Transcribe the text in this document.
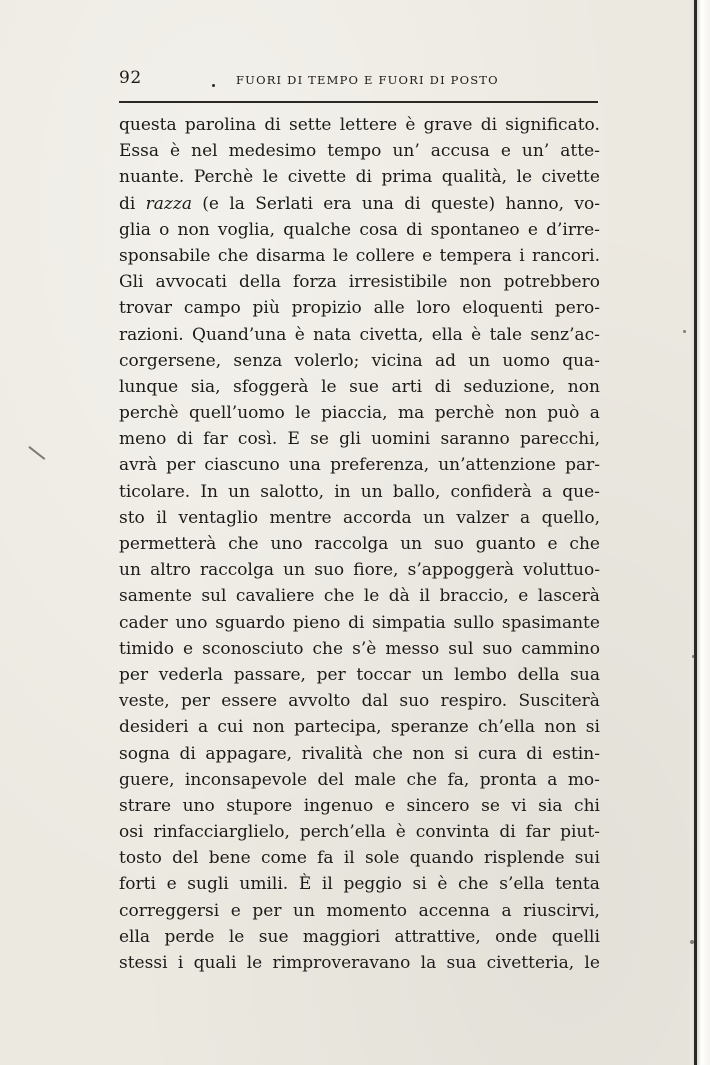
92	FUORI DI TEMPO E FUORI DI POSTO
questa parolina di sette lettere è grave di significato.
Essa è nel medesimo tempo un’ accusa e un’ atte-
nuante. Perchè le civette di prima qualità, le civette
di razza (e la Serlati era una di queste) hanno, vo-
glia o non voglia, qualche cosa di spontaneo e d’irre-
sponsabile che disarma le collere e tempera i rancori.
Gli avvocati della forza irresistibile non potrebbero
trovar campo più propizio alle loro eloquenti pero-
razioni. Quand’una è nata civetta, ella è tale senz’ac-
corgersene, senza volerlo; vicina ad un uomo qua-
lunque sia, sfoggerà le sue arti di seduzione, non
perchè quell’uomo le piaccia, ma perchè non può a
meno di far così. E se gli uomini saranno parecchi,
avrà per ciascuno una preferenza, un’attenzione par-
ticolare. In un salotto, in un ballo, confiderà a que-
sto il ventaglio mentre accorda un valzer a quello,
permetterà che uno raccolga un suo guanto e che
un altro raccolga un suo fiore, s’appoggerà voluttuo-
samente sul cavaliere che le dà il braccio, e lascerà
cader uno sguardo pieno di simpatia sullo spasimante
timido e sconosciuto che s’è messo sul suo cammino
per vederla passare, per toccar un lembo della sua
veste, per essere avvolto dal suo respiro. Susciterà
desideri a cui non partecipa, speranze ch’ella non si
sogna di appagare, rivalità che non si cura di estin-
guere, inconsapevole del male che fa, pronta a mo-
strare uno stupore ingenuo e sincero se vi sia chi
osi rinfacciarglielo, perch’ella è convinta di far piut-
tosto del bene come fa il sole quando risplende sui
forti e sugli umili. È il peggio si è che s’ella tenta
correggersi e per un momento accenna a riuscirvi,
ella perde le sue maggiori attrattive, onde quelli
stessi i quali le rimproveravano la sua civetteria, le
